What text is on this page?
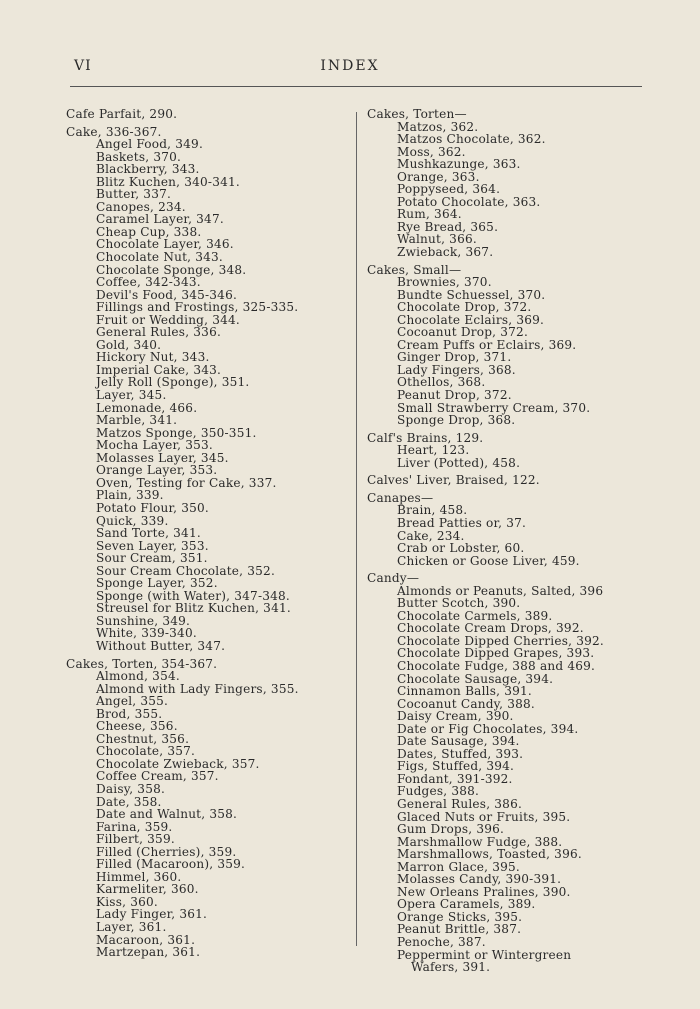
VI	INDEX
Cafe Parfait, 290.
Cake, 336-367.
Angel Food, 349.
Baskets, 370.
Blackberry, 343.
Blitz Kuchen, 340-341.
Butter, 337.
Canopes, 234.
Caramel Layer, 347.
Cheap Cup, 338.
Chocolate Layer, 346.
Chocolate Nut, 343.
Chocolate Sponge, 348.
Coffee, 342-343.
Devil's Food, 345-346.
Fillings and Frostings, 325-335.
Fruit or Wedding, 344.
General Rules, 336.
Gold, 340.
Hickory Nut, 343.
Imperial Cake, 343.
Jelly Roll (Sponge), 351.
Layer, 345.
Lemonade, 466.
Marble, 341.
Matzos Sponge, 350-351.
Mocha Layer, 353.
Molasses Layer, 345.
Orange Layer, 353.
Oven, Testing for Cake, 337.
Plain, 339.
Potato Flour, 350.
Quick, 339.
Sand Torte, 341.
Seven Layer, 353.
Sour Cream, 351.
Sour Cream Chocolate, 352.
Sponge Layer, 352.
Sponge (with Water), 347-348.
Streusel for Blitz Kuchen, 341.
Sunshine, 349.
White, 339-340.
Without Butter, 347.
Cakes, Torten, 354-367.
Almond, 354.
Almond with Lady Fingers, 355.
Angel, 355.
Brod, 355.
Cheese, 356.
Chestnut, 356.
Chocolate, 357.
Chocolate Zwieback, 357.
Coffee Cream, 357.
Daisy, 358.
Date, 358.
Date and Walnut, 358.
Farina, 359.
Filbert, 359.
Filled (Cherries), 359.
Filled (Macaroon), 359.
Himmel, 360.
Karmeliter, 360.
Kiss, 360.
Lady Finger, 361.
Layer, 361.
Macaroon, 361.
Martzepan, 361.
Cakes, Torten—
Matzos, 362.
Matzos Chocolate, 362.
Moss, 362.
Mushkazunge, 363.
Orange, 363.
Poppyseed, 364.
Potato Chocolate, 363.
Rum, 364.
Rye Bread, 365.
Walnut, 366.
Zwieback, 367.
Cakes, Small—
Brownies, 370.
Bundte Schuessel, 370.
Chocolate Drop, 372.
Chocolate Eclairs, 369.
Cocoanut Drop, 372.
Cream Puffs or Eclairs, 369.
Ginger Drop, 371.
Lady Fingers, 368.
Othellos, 368.
Peanut Drop, 372.
Small Strawberry Cream, 370.
Sponge Drop, 368.
Calf's Brains, 129.
Heart, 123.
Liver (Potted), 458.
Calves' Liver, Braised, 122.
Canapes—
Brain, 458.
Bread Patties or, 37.
Cake, 234.
Crab or Lobster, 60.
Chicken or Goose Liver, 459.
Candy—
Almonds or Peanuts, Salted, 396
Butter Scotch, 390.
Chocolate Carmels, 389.
Chocolate Cream Drops, 392.
Chocolate Dipped Cherries, 392.
Chocolate Dipped Grapes, 393.
Chocolate Fudge, 388 and 469.
Chocolate Sausage, 394.
Cinnamon Balls, 391.
Cocoanut Candy, 388.
Daisy Cream, 390.
Date or Fig Chocolates, 394.
Date Sausage, 394.
Dates, Stuffed, 393.
Figs, Stuffed, 394.
Fondant, 391-392.
Fudges, 388.
General Rules, 386.
Glaced Nuts or Fruits, 395.
Gum Drops, 396.
Marshmallow Fudge, 388.
Marshmallows, Toasted, 396.
Marron Glace, 395.
Molasses Candy, 390-391.
New Orleans Pralines, 390.
Opera Caramels, 389.
Orange Sticks, 395.
Peanut Brittle, 387.
Penoche, 387.
Peppermint or Wintergreen
Wafers, 391.
